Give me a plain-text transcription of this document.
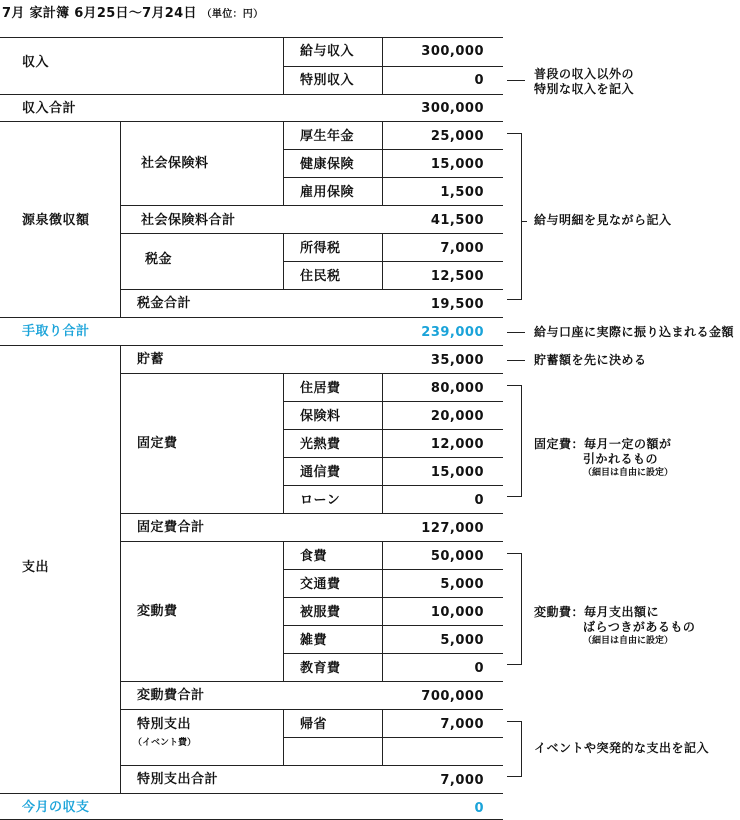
7月 家計簿 6月25日～7月24日 （単位：円）
収入
給与収入	300,000
特別収入	0
収入合計	300,000
源泉徴収額
社会保険料
厚生年金	25,000
健康保険	15,000
雇用保険	1,500
社会保険料合計	41,500
税金
所得税	7,000
住民税	12,500
税金合計	19,500
手取り合計	239,000
支出
貯蓄	35,000
固定費
住居費	80,000
保険料	20,000
光熱費	12,000
通信費	15,000
ローン	0
固定費合計	127,000
変動費
食費	50,000
交通費	5,000
被服費	10,000
雑費	5,000
教育費	0
変動費合計	700,000
特別支出
（イベント費）
帰省	7,000
特別支出合計	7,000
今月の収支	0
普段の収入以外の
特別な収入を記入
給与明細を見ながら記入
給与口座に実際に振り込まれる金額
貯蓄額を先に決める
固定費：毎月一定の額が
引かれるもの
（細目は自由に設定）
変動費：毎月支出額に
ばらつきがあるもの
（細目は自由に設定）
イベントや突発的な支出を記入
